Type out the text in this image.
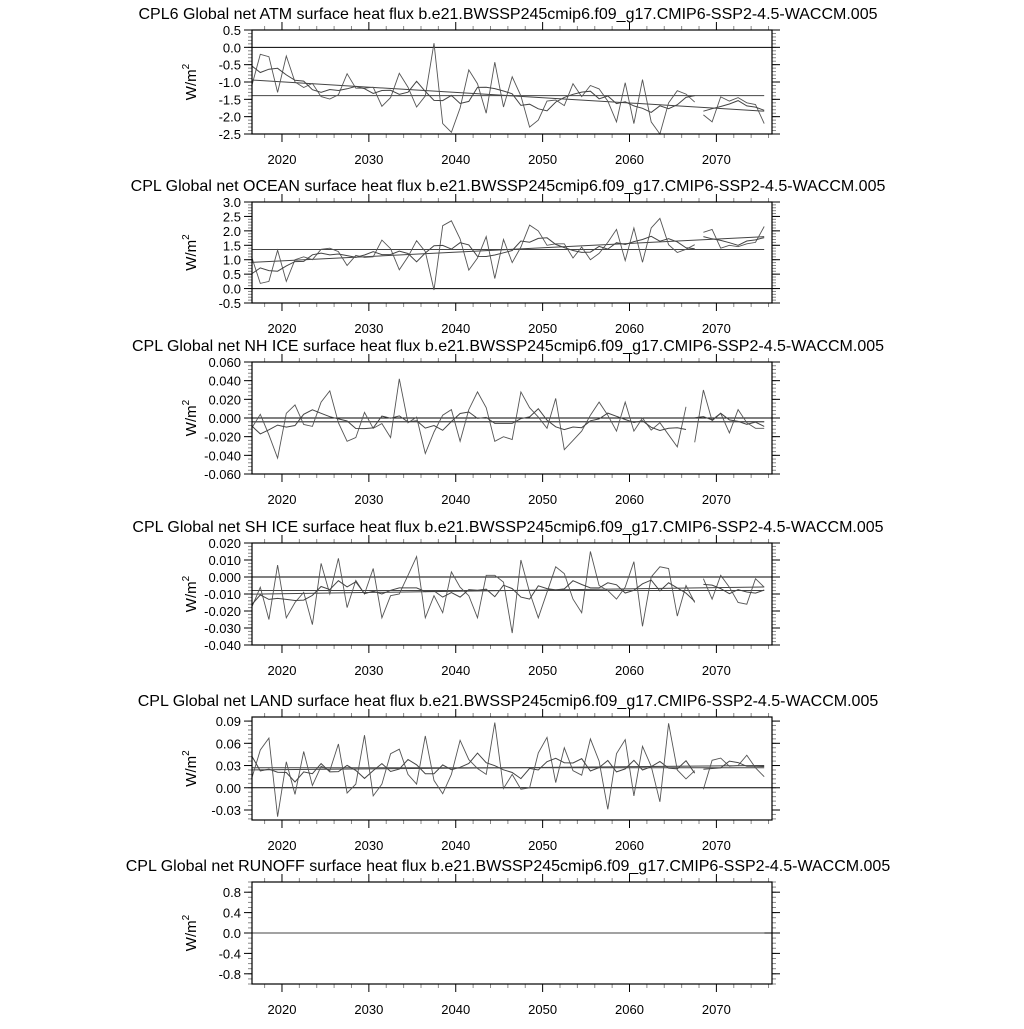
CPL6 Global net ATM surface heat flux b.e21.BWSSP245cmip6.f09_g17.CMIP6-SSP2-4.5-WACCM.005
$W/m^2$
0.5
0.0
-0.5
-1.0
-1.5
-2.0
-2.5
2020	2030	2040	2050	2060	2070
CPL Global net OCEAN surface heat flux b.e21.BWSSP245cmip6.f09_g17.CMIP6-SSP2-4.5-WACCM.005
$W/m^2$
3.0
2.5
2.0
1.5
1.0
0.5
0.0
-0.5
2020	2030	2040	2050	2060	2070
CPL Global net NH ICE surface heat flux b.e21.BWSSP245cmip6.f09_g17.CMIP6-SSP2-4.5-WACCM.005
$W/m^2$
0.060
0.040
0.020
0.000
-0.020
-0.040
-0.060
2020	2030	2040	2050	2060	2070
CPL Global net SH ICE surface heat flux b.e21.BWSSP245cmip6.f09_g17.CMIP6-SSP2-4.5-WACCM.005
$W/m^2$
0.020
0.010
0.000
-0.010
-0.020
-0.030
-0.040
2020	2030	2040	2050	2060	2070
CPL Global net LAND surface heat flux b.e21.BWSSP245cmip6.f09_g17.CMIP6-SSP2-4.5-WACCM.005
$W/m^2$
0.09
0.06
0.03
0.00
-0.03
2020	2030	2040	2050	2060	2070
CPL Global net RUNOFF surface heat flux b.e21.BWSSP245cmip6.f09_g17.CMIP6-SSP2-4.5-WACCM.005
$W/m^2$
0.8
0.4
0.0
-0.4
-0.8
2020	2030	2040	2050	2060	2070
